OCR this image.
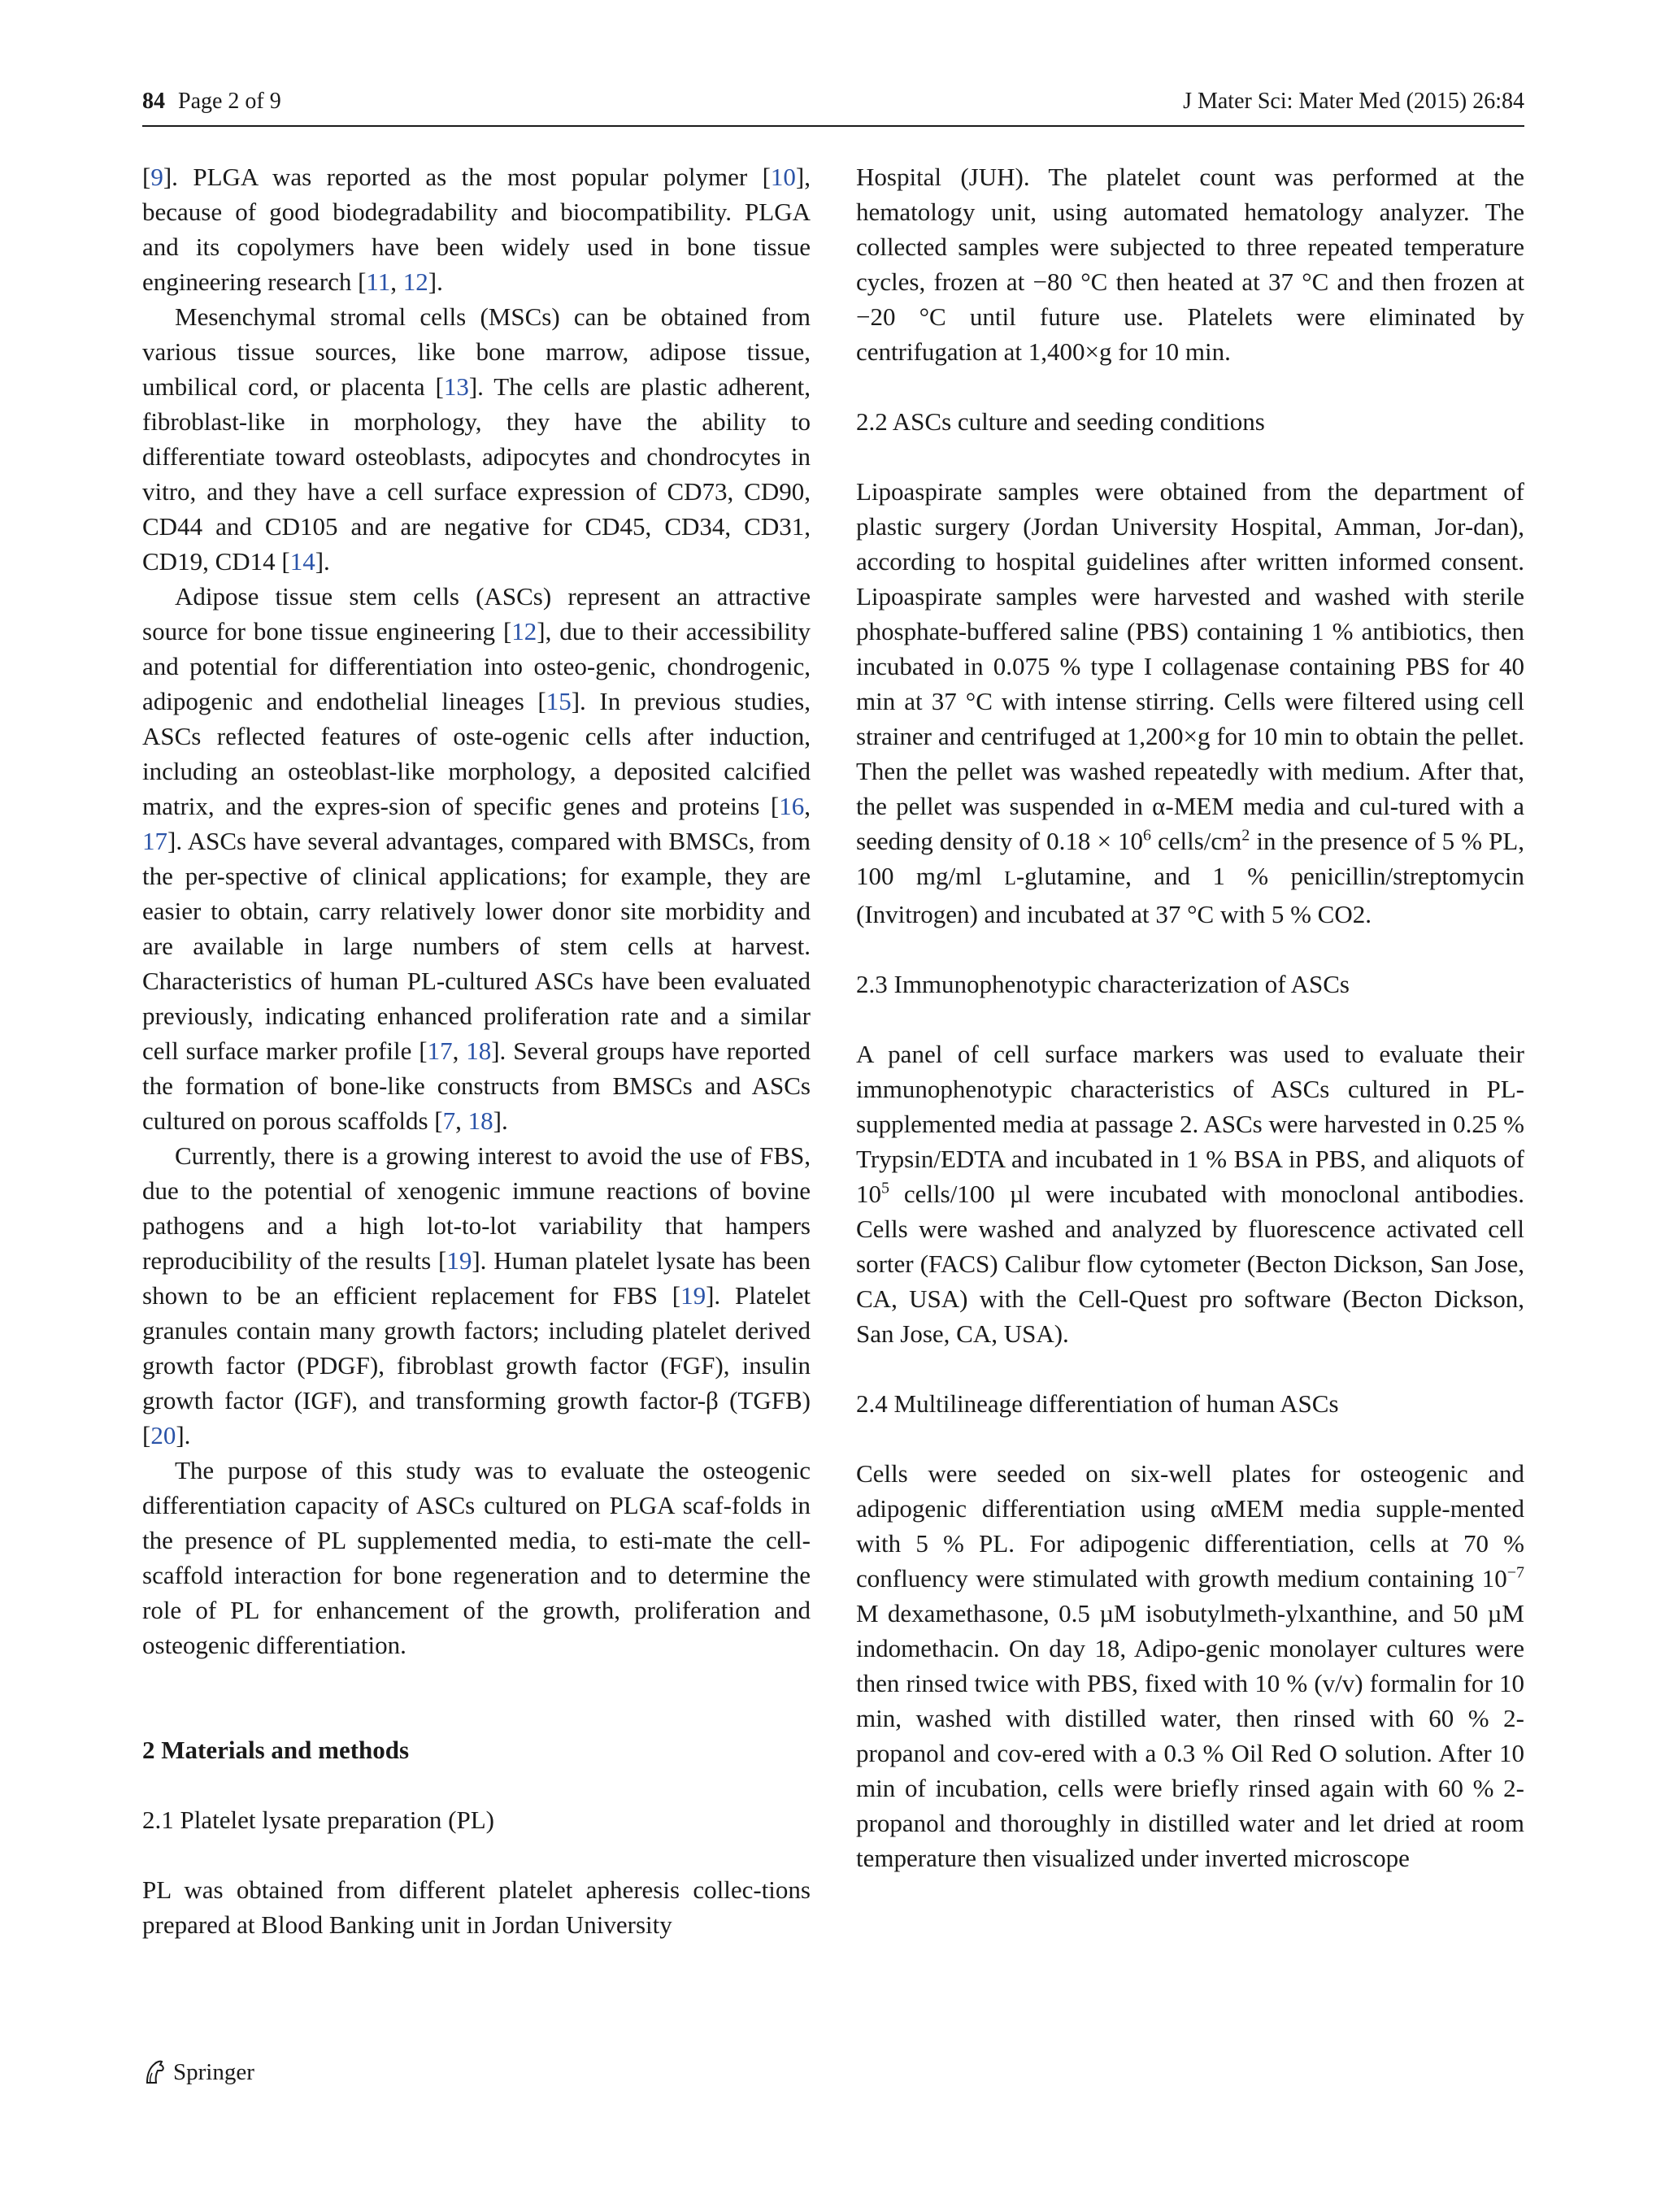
84 Page 2 of 9	J Mater Sci: Mater Med (2015) 26:84

[9]. PLGA was reported as the most popular polymer [10], because of good biodegradability and biocompatibility. PLGA and its copolymers have been widely used in bone tissue engineering research [11, 12].

Mesenchymal stromal cells (MSCs) can be obtained from various tissue sources, like bone marrow, adipose tissue, umbilical cord, or placenta [13]. The cells are plastic adherent, fibroblast-like in morphology, they have the ability to differentiate toward osteoblasts, adipocytes and chondrocytes in vitro, and they have a cell surface expression of CD73, CD90, CD44 and CD105 and are negative for CD45, CD34, CD31, CD19, CD14 [14].

Adipose tissue stem cells (ASCs) represent an attractive source for bone tissue engineering [12], due to their accessibility and potential for differentiation into osteo-genic, chondrogenic, adipogenic and endothelial lineages [15]. In previous studies, ASCs reflected features of oste-ogenic cells after induction, including an osteoblast-like morphology, a deposited calcified matrix, and the expres-sion of specific genes and proteins [16, 17]. ASCs have several advantages, compared with BMSCs, from the per-spective of clinical applications; for example, they are easier to obtain, carry relatively lower donor site morbidity and are available in large numbers of stem cells at harvest. Characteristics of human PL-cultured ASCs have been evaluated previously, indicating enhanced proliferation rate and a similar cell surface marker profile [17, 18]. Several groups have reported the formation of bone-like constructs from BMSCs and ASCs cultured on porous scaffolds [7, 18].

Currently, there is a growing interest to avoid the use of FBS, due to the potential of xenogenic immune reactions of bovine pathogens and a high lot-to-lot variability that hampers reproducibility of the results [19]. Human platelet lysate has been shown to be an efficient replacement for FBS [19]. Platelet granules contain many growth factors; including platelet derived growth factor (PDGF), fibroblast growth factor (FGF), insulin growth factor (IGF), and transforming growth factor-β (TGFB) [20].

The purpose of this study was to evaluate the osteogenic differentiation capacity of ASCs cultured on PLGA scaf-folds in the presence of PL supplemented media, to esti-mate the cell-scaffold interaction for bone regeneration and to determine the role of PL for enhancement of the growth, proliferation and osteogenic differentiation.

2 Materials and methods
2.1 Platelet lysate preparation (PL)

PL was obtained from different platelet apheresis collec-tions prepared at Blood Banking unit in Jordan University

Hospital (JUH). The platelet count was performed at the hematology unit, using automated hematology analyzer. The collected samples were subjected to three repeated temperature cycles, frozen at −80 °C then heated at 37 °C and then frozen at −20 °C until future use. Platelets were eliminated by centrifugation at 1,400×g for 10 min.

2.2 ASCs culture and seeding conditions

Lipoaspirate samples were obtained from the department of plastic surgery (Jordan University Hospital, Amman, Jor-dan), according to hospital guidelines after written informed consent. Lipoaspirate samples were harvested and washed with sterile phosphate-buffered saline (PBS) containing 1 % antibiotics, then incubated in 0.075 % type I collagenase containing PBS for 40 min at 37 °C with intense stirring. Cells were filtered using cell strainer and centrifuged at 1,200×g for 10 min to obtain the pellet. Then the pellet was washed repeatedly with medium. After that, the pellet was suspended in α-MEM media and cul-tured with a seeding density of $0.18 \times 10^6$ cells/$cm^2$ in the presence of 5 % PL, 100 mg/ml L-glutamine, and 1 % penicillin/streptomycin (Invitrogen) and incubated at 37 °C with 5 % CO2.

2.3 Immunophenotypic characterization of ASCs

A panel of cell surface markers was used to evaluate their immunophenotypic characteristics of ASCs cultured in PL-supplemented media at passage 2. ASCs were harvested in 0.25 % Trypsin/EDTA and incubated in 1 % BSA in PBS, and aliquots of $10^5$ cells/100 µl were incubated with monoclonal antibodies. Cells were washed and analyzed by fluorescence activated cell sorter (FACS) Calibur flow cytometer (Becton Dickson, San Jose, CA, USA) with the Cell-Quest pro software (Becton Dickson, San Jose, CA, USA).

2.4 Multilineage differentiation of human ASCs

Cells were seeded on six-well plates for osteogenic and adipogenic differentiation using αMEM media supple-mented with 5 % PL. For adipogenic differentiation, cells at 70 % confluency were stimulated with growth medium containing $10^{-7}$ M dexamethasone, 0.5 µM isobutylmeth-ylxanthine, and 50 µM indomethacin. On day 18, Adipo-genic monolayer cultures were then rinsed twice with PBS, fixed with 10 % (v/v) formalin for 10 min, washed with distilled water, then rinsed with 60 % 2-propanol and cov-ered with a 0.3 % Oil Red O solution. After 10 min of incubation, cells were briefly rinsed again with 60 % 2-propanol and thoroughly in distilled water and let dried at room temperature then visualized under inverted microscope

Springer
